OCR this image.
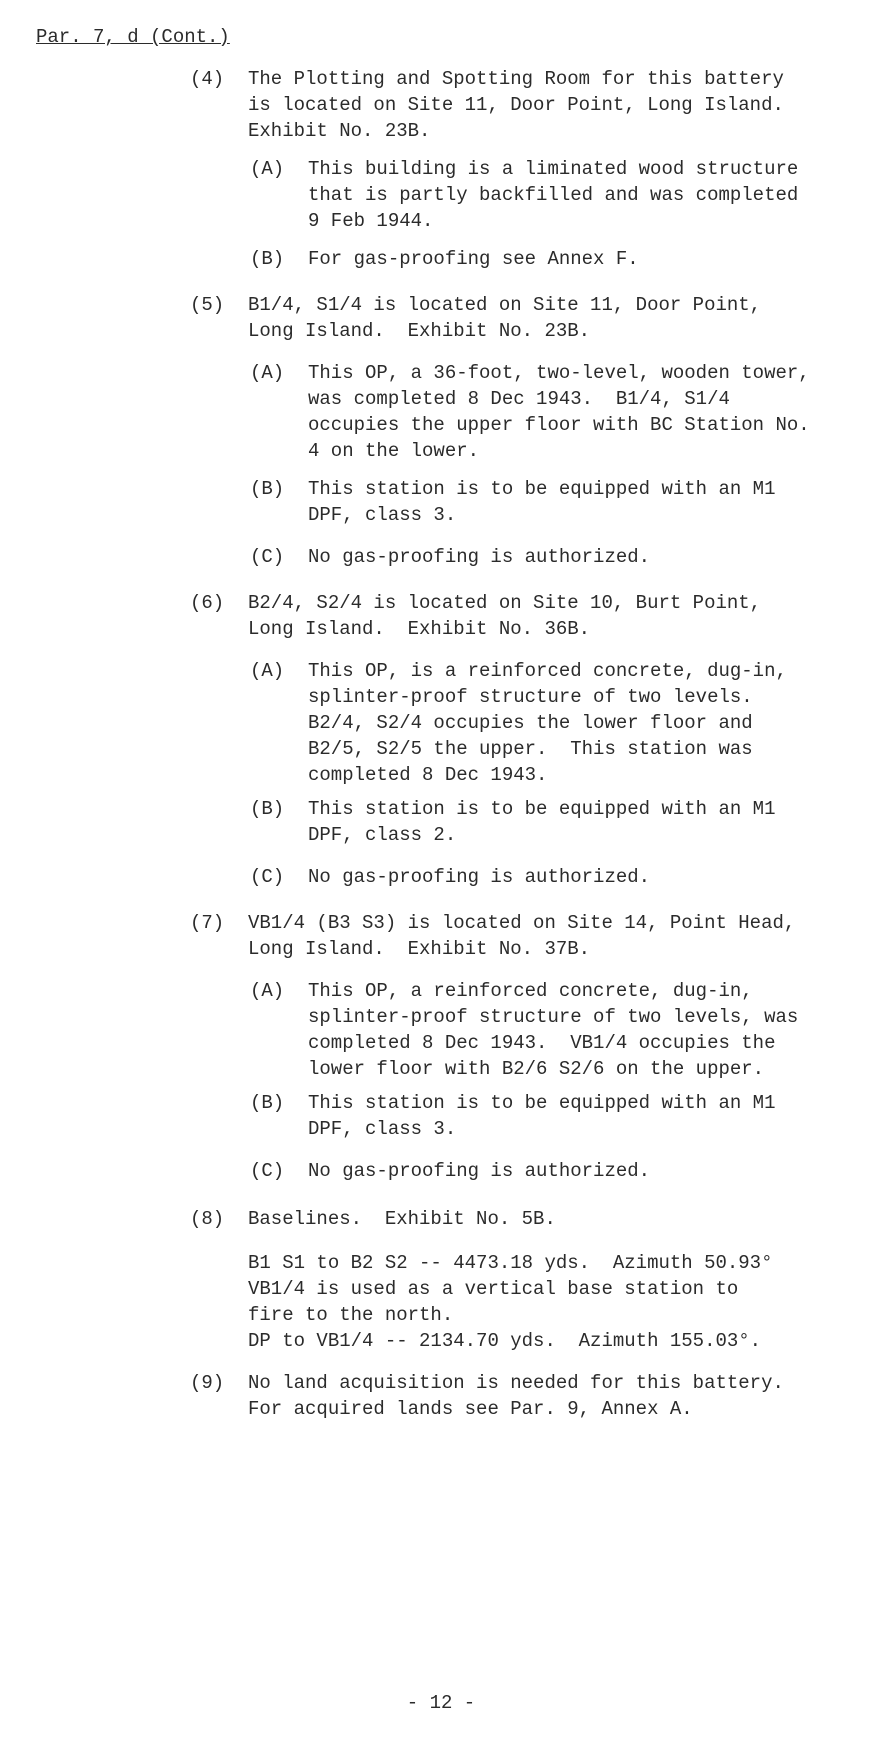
Par. 7, d (Cont.)
(4) The Plotting and Spotting Room for this battery
is located on Site 11, Door Point, Long Island.
Exhibit No. 23B.
(A) This building is a liminated wood structure
that is partly backfilled and was completed
9 Feb 1944.
(B) For gas-proofing see Annex F.
(5) B1/4, S1/4 is located on Site 11, Door Point,
Long Island.  Exhibit No. 23B.
(A) This OP, a 36-foot, two-level, wooden tower,
was completed 8 Dec 1943.  B1/4, S1/4
occupies the upper floor with BC Station No.
4 on the lower.
(B) This station is to be equipped with an M1
DPF, class 3.
(C) No gas-proofing is authorized.
(6) B2/4, S2/4 is located on Site 10, Burt Point,
Long Island.  Exhibit No. 36B.
(A) This OP, is a reinforced concrete, dug-in,
splinter-proof structure of two levels.
B2/4, S2/4 occupies the lower floor and
B2/5, S2/5 the upper.  This station was
completed 8 Dec 1943.
(B) This station is to be equipped with an M1
DPF, class 2.
(C) No gas-proofing is authorized.
(7) VB1/4 (B3 S3) is located on Site 14, Point Head,
Long Island.  Exhibit No. 37B.
(A) This OP, a reinforced concrete, dug-in,
splinter-proof structure of two levels, was
completed 8 Dec 1943.  VB1/4 occupies the
lower floor with B2/6 S2/6 on the upper.
(B) This station is to be equipped with an M1
DPF, class 3.
(C) No gas-proofing is authorized.
(8) Baselines.  Exhibit No. 5B.
B1 S1 to B2 S2 -- 4473.18 yds.  Azimuth 50.93°
VB1/4 is used as a vertical base station to
fire to the north.
DP to VB1/4 -- 2134.70 yds.  Azimuth 155.03°.
(9) No land acquisition is needed for this battery.
For acquired lands see Par. 9, Annex A.
- 12 -
